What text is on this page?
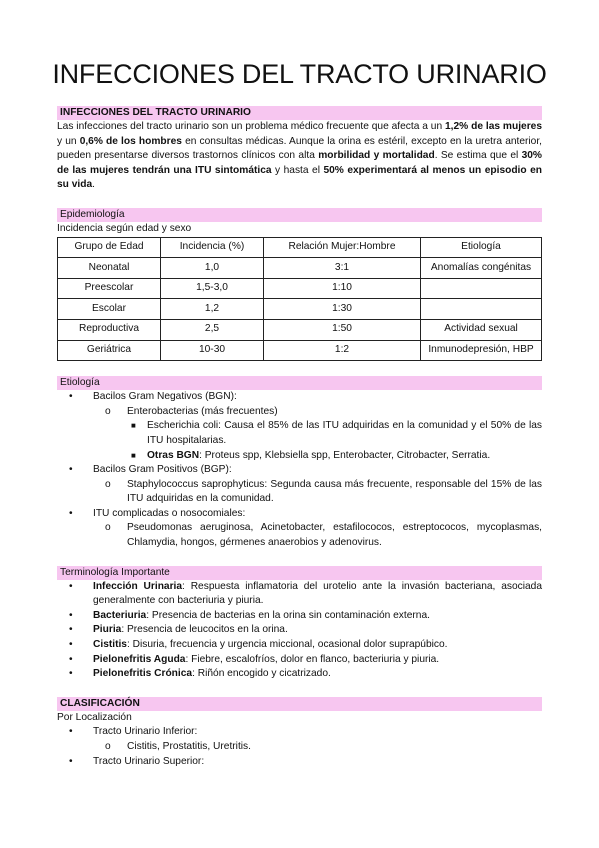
INFECCIONES DEL TRACTO URINARIO
INFECCIONES DEL TRACTO URINARIO

Las infecciones del tracto urinario son un problema médico frecuente que afecta a un 1,2% de las mujeres y un 0,6% de los hombres en consultas médicas. Aunque la orina es estéril, excepto en la uretra anterior, pueden presentarse diversos trastornos clínicos con alta morbilidad y mortalidad. Se estima que el 30% de las mujeres tendrán una ITU sintomática y hasta el 50% experimentará al menos un episodio en su vida.

Epidemiología
Incidencia según edad y sexo
Grupo de Edad	Incidencia (%)	Relación Mujer:Hombre	Etiología
Neonatal	1,0	3:1	Anomalías congénitas
Preescolar	1,5-3,0	1:10	
Escolar	1,2	1:30	
Reproductiva	2,5	1:50	Actividad sexual
Geriátrica	10-30	1:2	Inmunodepresión, HBP
Etiología
• Bacilos Gram Negativos (BGN):
o Enterobacterias (más frecuentes)
■ Escherichia coli: Causa el 85% de las ITU adquiridas en la comunidad y el 50% de las ITU hospitalarias.
■ Otras BGN: Proteus spp, Klebsiella spp, Enterobacter, Citrobacter, Serratia.
• Bacilos Gram Positivos (BGP):
o Staphylococcus saprophyticus: Segunda causa más frecuente, responsable del 15% de las ITU adquiridas en la comunidad.
• ITU complicadas o nosocomiales:
o Pseudomonas aeruginosa, Acinetobacter, estafilococos, estreptococos, mycoplasmas, Chlamydia, hongos, gérmenes anaerobios y adenovirus.
Terminología Importante
• Infección Urinaria: Respuesta inflamatoria del urotelio ante la invasión bacteriana, asociada generalmente con bacteriuria y piuria.
• Bacteriuria: Presencia de bacterias en la orina sin contaminación externa.
• Piuria: Presencia de leucocitos en la orina.
• Cistitis: Disuria, frecuencia y urgencia miccional, ocasional dolor suprapúbico.
• Pielonefritis Aguda: Fiebre, escalofríos, dolor en flanco, bacteriuria y piuria.
• Pielonefritis Crónica: Riñón encogido y cicatrizado.
CLASIFICACIÓN
Por Localización
• Tracto Urinario Inferior:
o Cistitis, Prostatitis, Uretritis.
• Tracto Urinario Superior:
